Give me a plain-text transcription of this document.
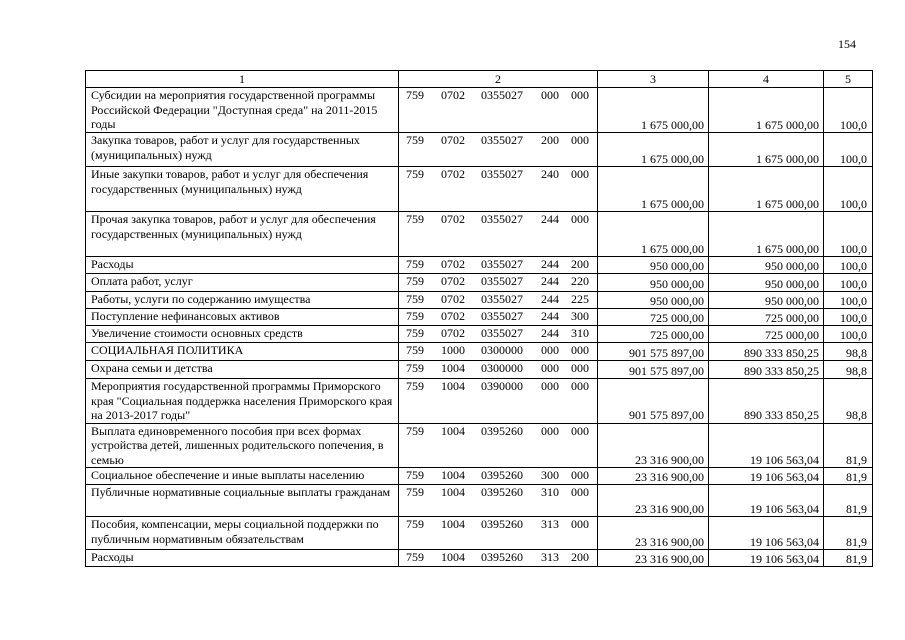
154
1	2	3	4	5
Субсидии на мероприятия государственной программы Российской Федерации "Доступная среда" на 2011-2015 годы	759 0702 0355027 000 000	1 675 000,00	1 675 000,00	100,0
Закупка товаров, работ и услуг для государственных (муниципальных) нужд	759 0702 0355027 200 000	1 675 000,00	1 675 000,00	100,0
Иные закупки товаров, работ и услуг для обеспечения государственных (муниципальных) нужд	759 0702 0355027 240 000	1 675 000,00	1 675 000,00	100,0
Прочая закупка товаров, работ и услуг для обеспечения государственных (муниципальных) нужд	759 0702 0355027 244 000	1 675 000,00	1 675 000,00	100,0
Расходы	759 0702 0355027 244 200	950 000,00	950 000,00	100,0
Оплата работ, услуг	759 0702 0355027 244 220	950 000,00	950 000,00	100,0
Работы, услуги по содержанию имущества	759 0702 0355027 244 225	950 000,00	950 000,00	100,0
Поступление нефинансовых активов	759 0702 0355027 244 300	725 000,00	725 000,00	100,0
Увеличение стоимости основных средств	759 0702 0355027 244 310	725 000,00	725 000,00	100,0
СОЦИАЛЬНАЯ ПОЛИТИКА	759 1000 0300000 000 000	901 575 897,00	890 333 850,25	98,8
Охрана семьи и детства	759 1004 0300000 000 000	901 575 897,00	890 333 850,25	98,8
Мероприятия государственной программы Приморского края "Социальная поддержка населения Приморского края на 2013-2017 годы"	759 1004 0390000 000 000	901 575 897,00	890 333 850,25	98,8
Выплата единовременного пособия при всех формах устройства детей, лишенных родительского попечения, в семью	759 1004 0395260 000 000	23 316 900,00	19 106 563,04	81,9
Социальное обеспечение и иные выплаты населению	759 1004 0395260 300 000	23 316 900,00	19 106 563,04	81,9
Публичные нормативные социальные выплаты гражданам	759 1004 0395260 310 000	23 316 900,00	19 106 563,04	81,9
Пособия, компенсации, меры социальной поддержки по публичным нормативным обязательствам	759 1004 0395260 313 000	23 316 900,00	19 106 563,04	81,9
Расходы	759 1004 0395260 313 200	23 316 900,00	19 106 563,04	81,9
